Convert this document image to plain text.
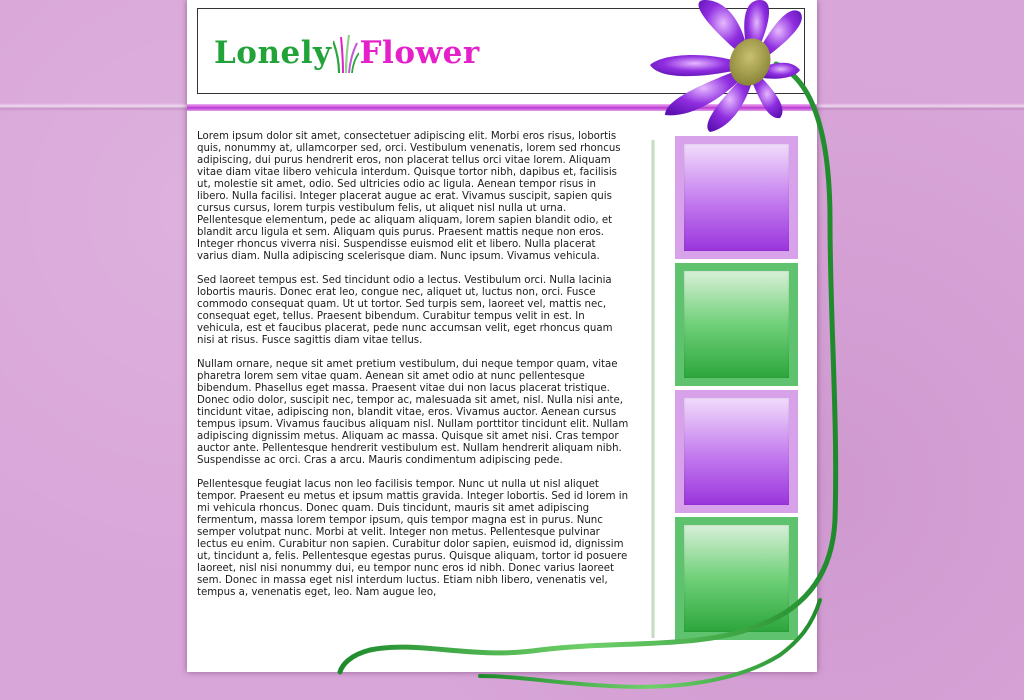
Lonely Flower

Lorem ipsum dolor sit amet, consectetuer adipiscing elit. Morbi eros risus, lobortis quis, nonummy at, ullamcorper sed, orci. Vestibulum venenatis, lorem sed rhoncus adipiscing, dui purus hendrerit eros, non placerat tellus orci vitae lorem. Aliquam vitae diam vitae libero vehicula interdum. Quisque tortor nibh, dapibus et, facilisis ut, molestie sit amet, odio. Sed ultricies odio ac ligula. Aenean tempor risus in libero. Nulla facilisi. Integer placerat augue ac erat. Vivamus suscipit, sapien quis cursus cursus, lorem turpis vestibulum felis, ut aliquet nisl nulla ut urna. Pellentesque elementum, pede ac aliquam aliquam, lorem sapien blandit odio, et blandit arcu ligula et sem. Aliquam quis purus. Praesent mattis neque non eros. Integer rhoncus viverra nisi. Suspendisse euismod elit et libero. Nulla placerat varius diam. Nulla adipiscing scelerisque diam. Nunc ipsum. Vivamus vehicula.

Sed laoreet tempus est. Sed tincidunt odio a lectus. Vestibulum orci. Nulla lacinia lobortis mauris. Donec erat leo, congue nec, aliquet ut, luctus non, orci. Fusce commodo consequat quam. Ut ut tortor. Sed turpis sem, laoreet vel, mattis nec, consequat eget, tellus. Praesent bibendum. Curabitur tempus velit in est. In vehicula, est et faucibus placerat, pede nunc accumsan velit, eget rhoncus quam nisi at risus. Fusce sagittis diam vitae tellus.

Nullam ornare, neque sit amet pretium vestibulum, dui neque tempor quam, vitae pharetra lorem sem vitae quam. Aenean sit amet odio at nunc pellentesque bibendum. Phasellus eget massa. Praesent vitae dui non lacus placerat tristique. Donec odio dolor, suscipit nec, tempor ac, malesuada sit amet, nisl. Nulla nisi ante, tincidunt vitae, adipiscing non, blandit vitae, eros. Vivamus auctor. Aenean cursus tempus ipsum. Vivamus faucibus aliquam nisl. Nullam porttitor tincidunt elit. Nullam adipiscing dignissim metus. Aliquam ac massa. Quisque sit amet nisi. Cras tempor auctor ante. Pellentesque hendrerit vestibulum est. Nullam hendrerit aliquam nibh. Suspendisse ac orci. Cras a arcu. Mauris condimentum adipiscing pede.

Pellentesque feugiat lacus non leo facilisis tempor. Nunc ut nulla ut nisl aliquet tempor. Praesent eu metus et ipsum mattis gravida. Integer lobortis. Sed id lorem in mi vehicula rhoncus. Donec quam. Duis tincidunt, mauris sit amet adipiscing fermentum, massa lorem tempor ipsum, quis tempor magna est in purus. Nunc semper volutpat nunc. Morbi at velit. Integer non metus. Pellentesque pulvinar lectus eu enim. Curabitur non sapien. Curabitur dolor sapien, euismod id, dignissim ut, tincidunt a, felis. Pellentesque egestas purus. Quisque aliquam, tortor id posuere laoreet, nisl nisi nonummy dui, eu tempor nunc eros id nibh. Donec varius laoreet sem. Donec in massa eget nisl interdum luctus. Etiam nibh libero, venenatis vel, tempus a, venenatis eget, leo. Nam augue leo,
